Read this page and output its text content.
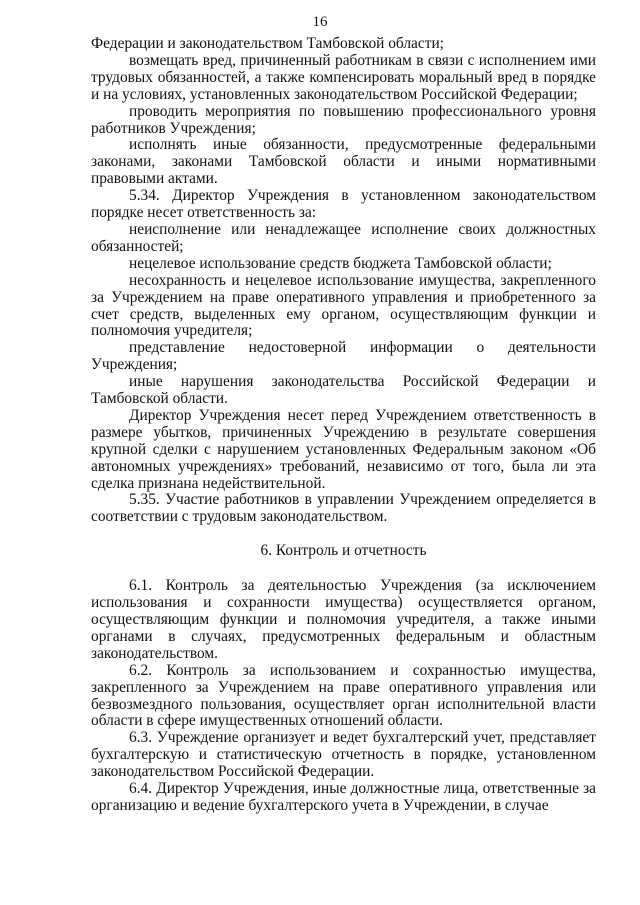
16

Федерации и законодательством Тамбовской области;

возмещать вред, причиненный работникам в связи с исполнением ими трудовых обязанностей, а также компенсировать моральный вред в порядке и на условиях, установленных законодательством Российской Федерации;

проводить мероприятия по повышению профессионального уровня работников Учреждения;

исполнять иные обязанности, предусмотренные федеральными законами, законами Тамбовской области и иными нормативными правовыми актами.

5.34. Директор Учреждения в установленном законодательством порядке несет ответственность за:

неисполнение или ненадлежащее исполнение своих должностных обязанностей;

нецелевое использование средств бюджета Тамбовской области;

несохранность и нецелевое использование имущества, закрепленного за Учреждением на праве оперативного управления и приобретенного за счет средств, выделенных ему органом, осуществляющим функции и полномочия учредителя;

представление недостоверной информации о деятельности Учреждения;

иные нарушения законодательства Российской Федерации и Тамбовской области.

Директор Учреждения несет перед Учреждением ответственность в размере убытков, причиненных Учреждению в результате совершения крупной сделки с нарушением установленных Федеральным законом «Об автономных учреждениях» требований, независимо от того, была ли эта сделка признана недействительной.

5.35. Участие работников в управлении Учреждением определяется в соответствии с трудовым законодательством.

6. Контроль и отчетность

6.1. Контроль за деятельностью Учреждения (за исключением использования и сохранности имущества) осуществляется органом, осуществляющим функции и полномочия учредителя, а также иными органами в случаях, предусмотренных федеральным и областным законодательством.

6.2. Контроль за использованием и сохранностью имущества, закрепленного за Учреждением на праве оперативного управления или безвозмездного пользования, осуществляет орган исполнительной власти области в сфере имущественных отношений области.

6.3. Учреждение организует и ведет бухгалтерский учет, представляет бухгалтерскую и статистическую отчетность в порядке, установленном законодательством Российской Федерации.

6.4. Директор Учреждения, иные должностные лица, ответственные за организацию и ведение бухгалтерского учета в Учреждении, в случае
